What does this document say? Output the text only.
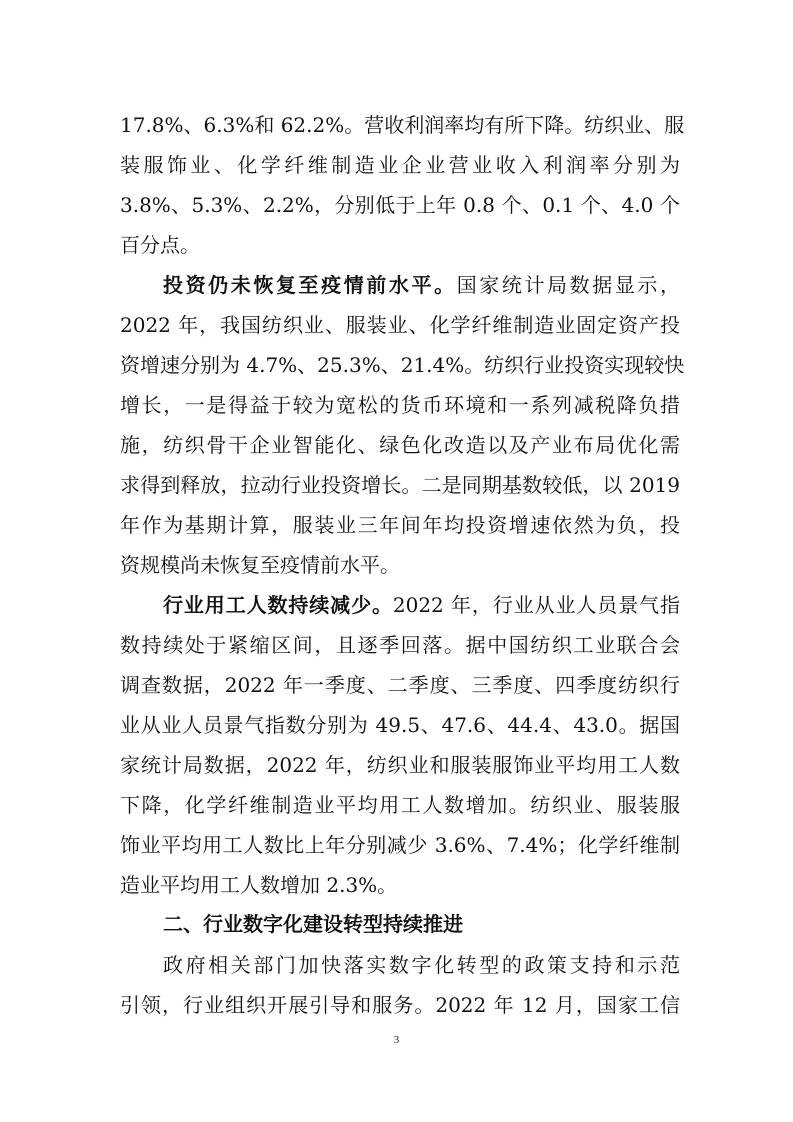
17.8%、6.3%和 62.2%。营收利润率均有所下降。纺织业、服
装服饰业、化学纤维制造业企业营业收入利润率分别为
3.8%、5.3%、2.2%，分别低于上年 0.8 个、0.1 个、4.0 个
百分点。
投资仍未恢复至疫情前水平。国家统计局数据显示，
2022 年，我国纺织业、服装业、化学纤维制造业固定资产投
资增速分别为 4.7%、25.3%、21.4%。纺织行业投资实现较快
增长，一是得益于较为宽松的货币环境和一系列减税降负措
施，纺织骨干企业智能化、绿色化改造以及产业布局优化需
求得到释放，拉动行业投资增长。二是同期基数较低，以 2019
年作为基期计算，服装业三年间年均投资增速依然为负，投
资规模尚未恢复至疫情前水平。
行业用工人数持续减少。2022 年，行业从业人员景气指
数持续处于紧缩区间，且逐季回落。据中国纺织工业联合会
调查数据，2022 年一季度、二季度、三季度、四季度纺织行
业从业人员景气指数分别为 49.5、47.6、44.4、43.0。据国
家统计局数据，2022 年，纺织业和服装服饰业平均用工人数
下降，化学纤维制造业平均用工人数增加。纺织业、服装服
饰业平均用工人数比上年分别减少 3.6%、7.4%；化学纤维制
造业平均用工人数增加 2.3%。
二、行业数字化建设转型持续推进
政府相关部门加快落实数字化转型的政策支持和示范
引领，行业组织开展引导和服务。2022 年 12 月，国家工信
3
